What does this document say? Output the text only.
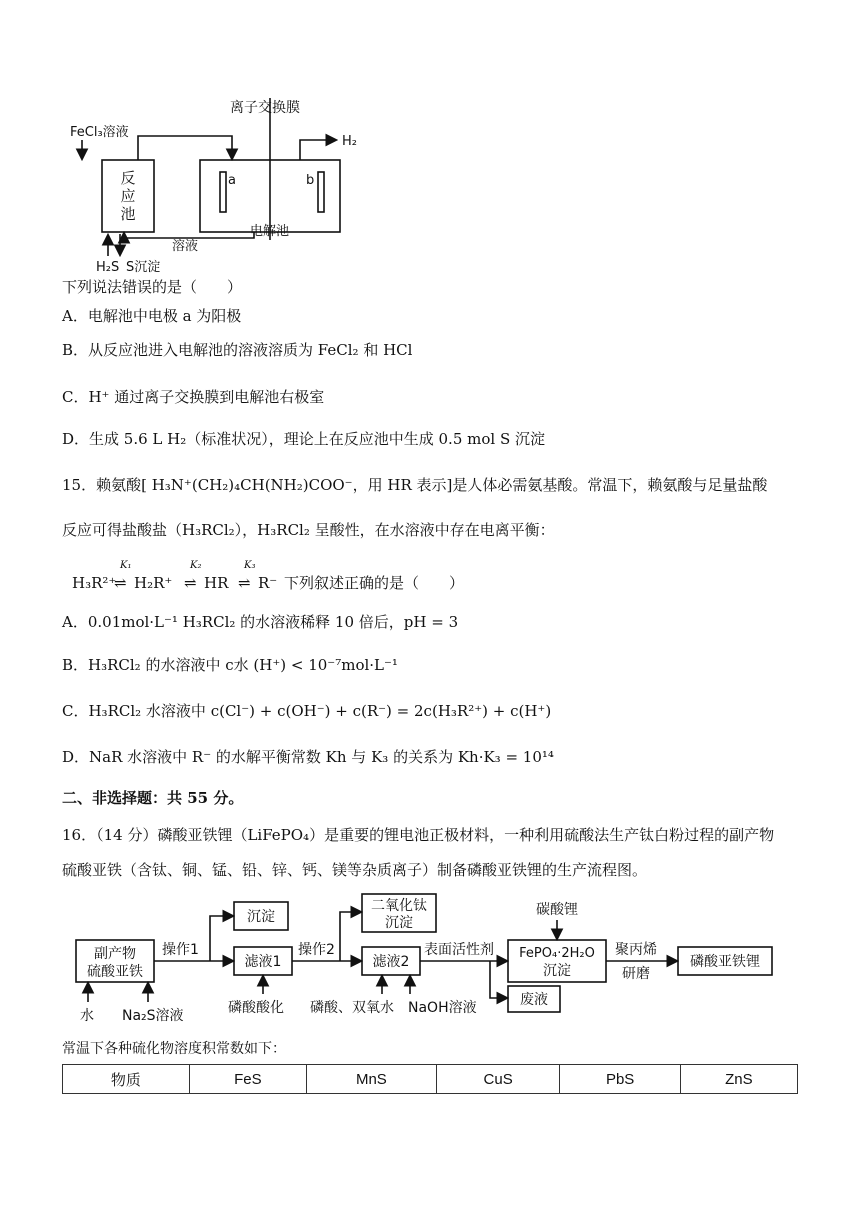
反
应
池
FeCl₃溶液
离子交换膜
a	b
H₂
溶液
电解池
H₂S S沉淀
下列说法错误的是（　　）
A．电解池中电极 a 为阳极
B．从反应池进入电解池的溶液溶质为 FeCl₂ 和 HCl
C．H⁺ 通过离子交换膜到电解池右极室
D．生成 5.6 L H₂（标准状况），理论上在反应池中生成 0.5 mol S 沉淀
15．赖氨酸[ H₃N⁺(CH₂)₄CH(NH₂)COO⁻，用 HR 表示]是人体必需氨基酸。常温下，赖氨酸与足量盐酸
反应可得盐酸盐（H₃RCl₂），H₃RCl₂ 呈酸性，在水溶液中存在电离平衡：
H₃R²⁺
K₁
⇌ H₂R⁺
K₂
⇌ HR
K₃
⇌ R⁻ 下列叙述正确的是（　　）
A．0.01mol·L⁻¹ H₃RCl₂ 的水溶液稀释 10 倍后，pH = 3
B．H₃RCl₂ 的水溶液中 c水 (H⁺) < 10⁻⁷mol·L⁻¹
C．H₃RCl₂ 水溶液中 c(Cl⁻) + c(OH⁻) + c(R⁻) = 2c(H₃R²⁺) + c(H⁺)
D．NaR 水溶液中 R⁻ 的水解平衡常数 Kh 与 K₃ 的关系为 Kh·K₃ = 10¹⁴
二、非选择题：共 55 分。
16．（14 分）磷酸亚铁锂（LiFePO₄）是重要的锂电池正极材料，一种利用硫酸法生产钛白粉过程的副产物
硫酸亚铁（含钛、铜、锰、铅、锌、钙、镁等杂质离子）制备磷酸亚铁锂的生产流程图。
副产物
硫酸亚铁
操作1
沉淀
滤液1
操作2
二氧化钛
沉淀
滤液2
表面活性剂 FePO₄·2H₂O
沉淀
碳酸锂
废液
聚丙烯
研磨
磷酸亚铁锂
水 Na₂S溶液	磷酸酸化 磷酸、双氧水 NaOH溶液
常温下各种硫化物溶度积常数如下：
物质	FeS	MnS	CuS	PbS	ZnS
